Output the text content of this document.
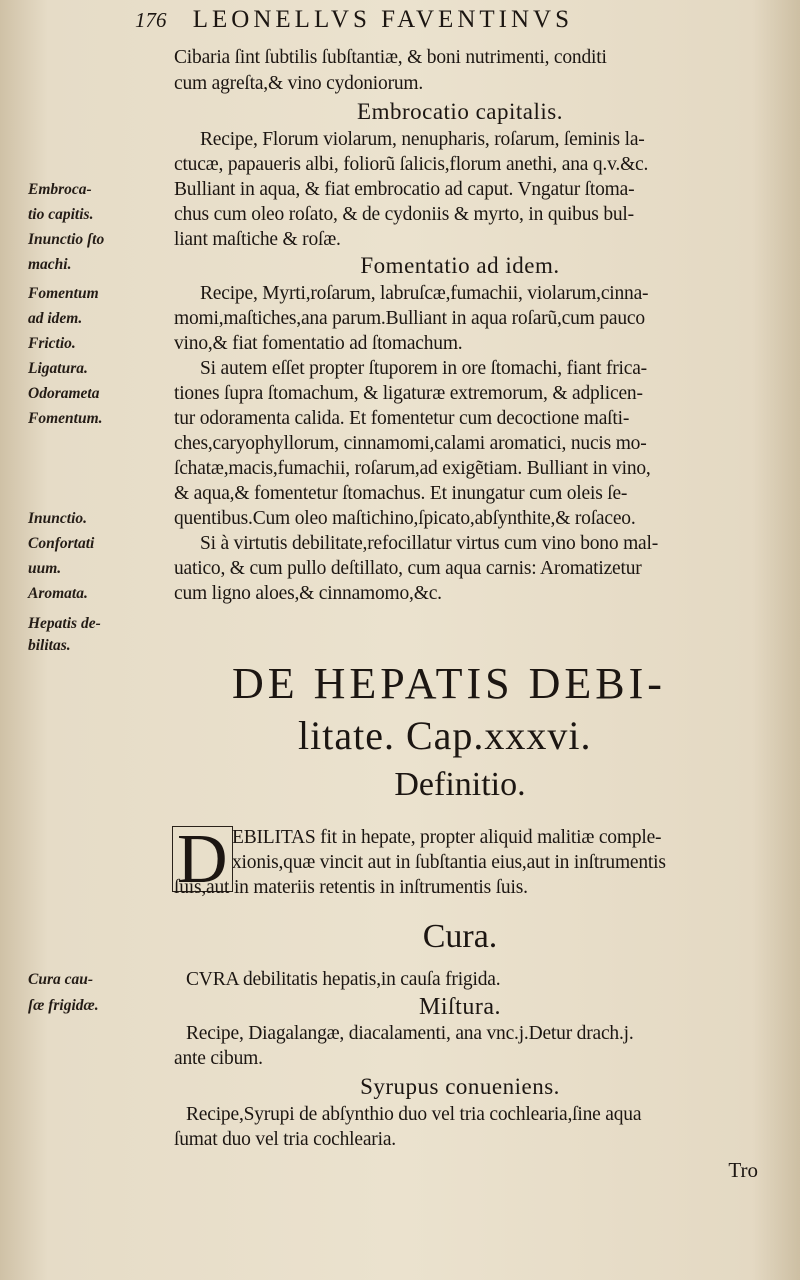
176 LEONELLVS FAVENTINVS
Cibaria ſint ſubtilis ſubſtantiæ, & boni nutrimenti, conditi
cum agreſta,& vino cydoniorum.
Embrocatio capitalis.
Recipe, Florum violarum, nenupharis, roſarum, ſeminis la-
ctucæ, papaueris albi, foliorũ ſalicis,florum anethi, ana q.v.&c.
Bulliant in aqua, & fiat embrocatio ad caput. Vngatur ſtoma-
chus cum oleo roſato, & de cydoniis & myrto, in quibus bul-
liant maſtiche & roſæ.
Fomentatio ad idem.
Recipe, Myrti,roſarum, labruſcæ,fumachii, violarum,cinna-
momi,maſtiches,ana parum.Bulliant in aqua roſarũ,cum pauco
vino,& fiat fomentatio ad ſtomachum.
Si autem eſſet propter ſtuporem in ore ſtomachi, fiant frica-
tiones ſupra ſtomachum, & ligaturæ extremorum, & adplicen-
tur odoramenta calida. Et fomentetur cum decoctione maſti-
ches,caryophyllorum, cinnamomi,calami aromatici, nucis mo-
ſchatæ,macis,fumachii, roſarum,ad exigẽtiam. Bulliant in vino,
& aqua,& fomentetur ſtomachus. Et inungatur cum oleis ſe-
quentibus.Cum oleo maſtichino,ſpicato,abſynthite,& roſaceo.
Si à virtutis debilitate,refocillatur virtus cum vino bono mal-
uatico, & cum pullo deſtillato, cum aqua carnis: Aromatizetur
cum ligno aloes,& cinnamomo,&c.
DE HEPATIS DEBI-
litate. Cap.xxxvi.
Definitio.
D EBILITAS fit in hepate, propter aliquid malitiæ comple-
xionis,quæ vincit aut in ſubſtantia eius,aut in inſtrumentis
ſuis,aut in materiis retentis in inſtrumentis ſuis.
Cura.
CVRA debilitatis hepatis,in cauſa frigida.
Miſtura.
Recipe, Diagalangæ, diacalamenti, ana vnc.j.Detur drach.j.
ante cibum.
Syrupus conueniens.
Recipe,Syrupi de abſynthio duo vel tria cochlearia,ſine aqua
ſumat duo vel tria cochlearia.
Tro
Embroca-
tio capitis.
Inunctio ſto
machi.
Fomentum
ad idem.
Frictio.
Ligatura.
Odorameta
Fomentum.
Inunctio.
Confortati
uum.
Aromata.
Hepatis de-
bilitas.
Cura cau-
ſæ frigidæ.
